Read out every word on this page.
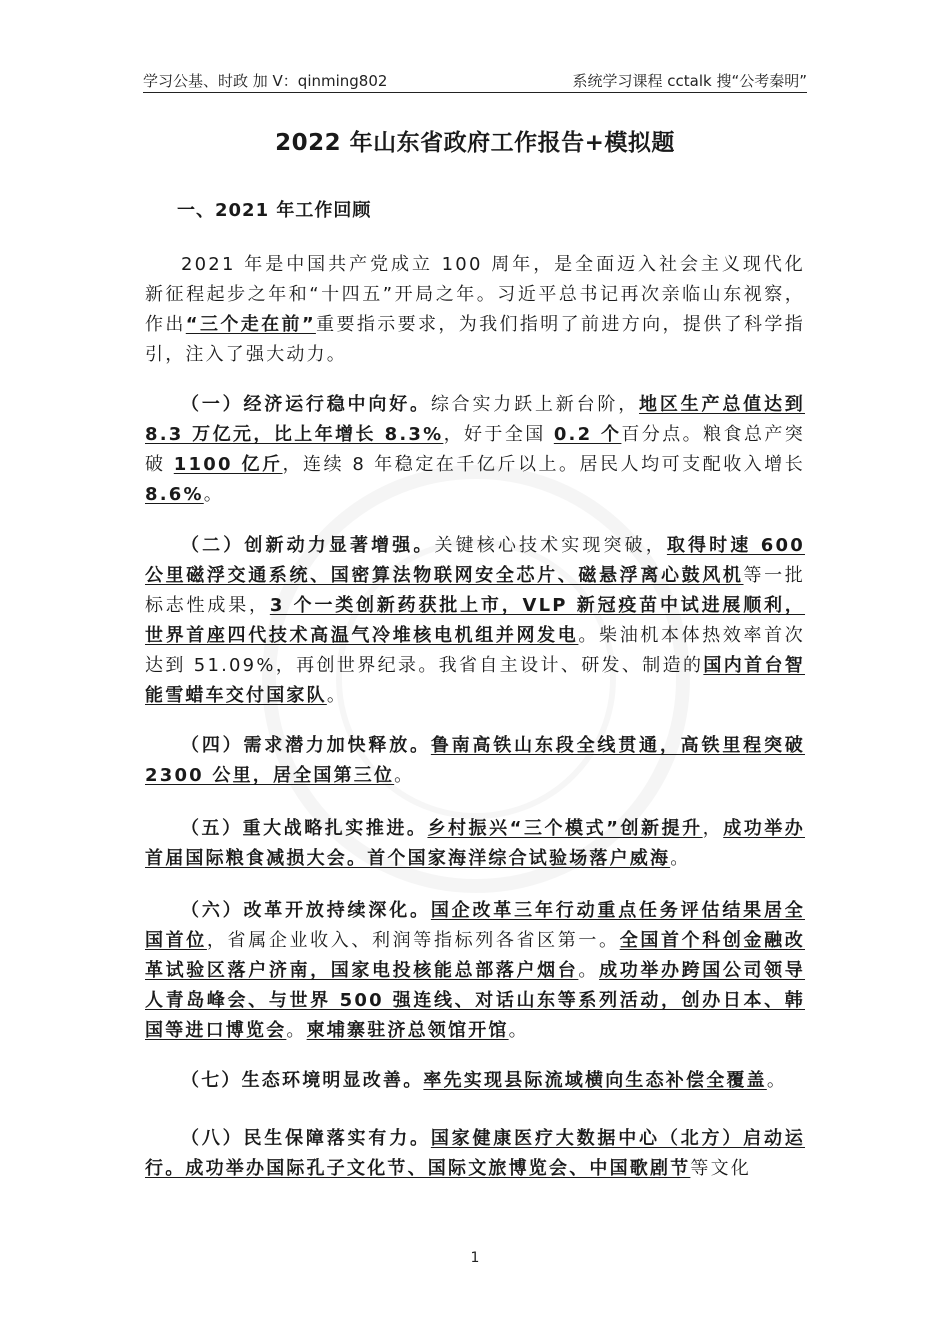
学习公基、时政 加 V：qinming802	系统学习课程 cctalk 搜“公考秦明”
2022 年山东省政府工作报告+模拟题
一、2021 年工作回顾
2021 年是中国共产党成立 100 周年，是全面迈入社会主义现代化新征程起步之年和“十四五”开局之年。习近平总书记再次亲临山东视察，作出“三个走在前”重要指示要求，为我们指明了前进方向，提供了科学指引，注入了强大动力。
（一）经济运行稳中向好。综合实力跃上新台阶，地区生产总值达到 8.3 万亿元，比上年增长 8.3%，好于全国 0.2 个百分点。粮食总产突破 1100 亿斤，连续 8 年稳定在千亿斤以上。居民人均可支配收入增长 8.6%。
（二）创新动力显著增强。关键核心技术实现突破，取得时速 600 公里磁浮交通系统、国密算法物联网安全芯片、磁悬浮离心鼓风机等一批标志性成果，3 个一类创新药获批上市，VLP 新冠疫苗中试进展顺利，世界首座四代技术高温气冷堆核电机组并网发电。柴油机本体热效率首次达到 51.09%，再创世界纪录。我省自主设计、研发、制造的国内首台智能雪蜡车交付国家队。
（四）需求潜力加快释放。鲁南高铁山东段全线贯通，高铁里程突破 2300 公里，居全国第三位。
（五）重大战略扎实推进。乡村振兴“三个模式”创新提升，成功举办首届国际粮食减损大会。首个国家海洋综合试验场落户威海。
（六）改革开放持续深化。国企改革三年行动重点任务评估结果居全国首位，省属企业收入、利润等指标列各省区第一。全国首个科创金融改革试验区落户济南，国家电投核能总部落户烟台。成功举办跨国公司领导人青岛峰会、与世界 500 强连线、对话山东等系列活动，创办日本、韩国等进口博览会。柬埔寨驻济总领馆开馆。
（七）生态环境明显改善。率先实现县际流域横向生态补偿全覆盖。
（八）民生保障落实有力。国家健康医疗大数据中心（北方）启动运行。成功举办国际孔子文化节、国际文旅博览会、中国歌剧节等文化
1
